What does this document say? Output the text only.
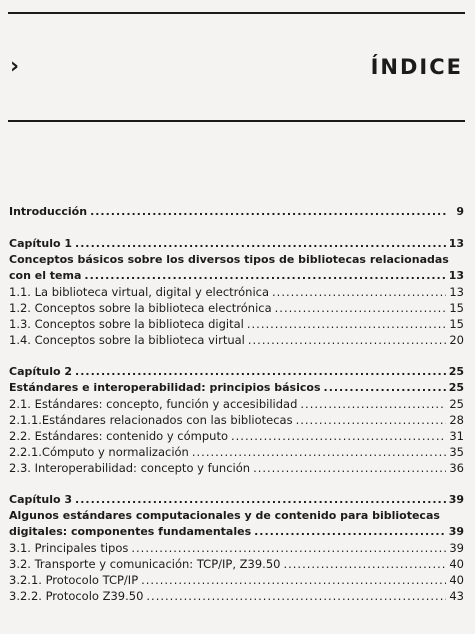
›	ÍNDICE
Introducción .....	9
Capítulo 1 .....	13
Conceptos básicos sobre los diversos tipos de bibliotecas relacionadas
con el tema .....	13
1.1. La biblioteca virtual, digital y electrónica .....	13
1.2. Conceptos sobre la biblioteca electrónica .....	15
1.3. Conceptos sobre la biblioteca digital .....	15
1.4. Conceptos sobre la biblioteca virtual .....	20
Capítulo 2 .....	25
Estándares e interoperabilidad: principios básicos .....	25
2.1. Estándares: concepto, función y accesibilidad .....	25
2.1.1.Estándares relacionados con las bibliotecas .....	28
2.2. Estándares: contenido y cómputo .....	31
2.2.1.Cómputo y normalización .....	35
2.3. Interoperabilidad: concepto y función .....	36
Capítulo 3 .....	39
Algunos estándares computacionales y de contenido para bibliotecas
digitales: componentes fundamentales .....	39
3.1. Principales tipos .....	39
3.2. Transporte y comunicación: TCP/IP, Z39.50 .....	40
3.2.1. Protocolo TCP/IP .....	40
3.2.2. Protocolo Z39.50 .....	43
